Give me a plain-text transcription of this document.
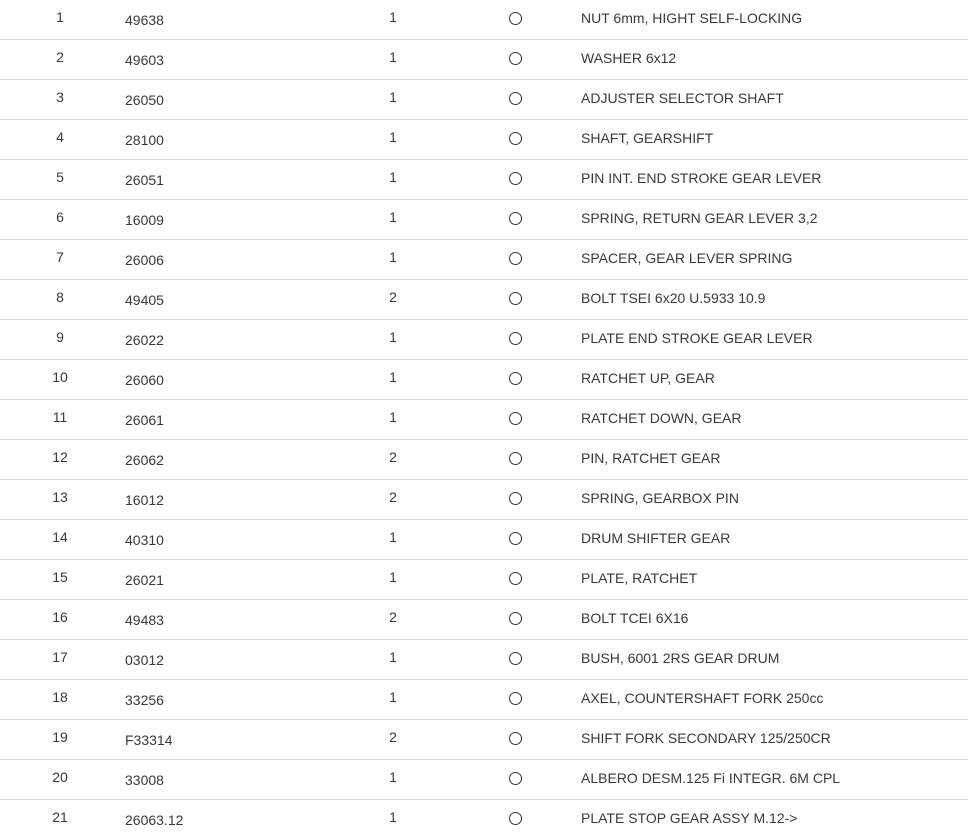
1	49638	1	NUT 6mm, HIGHT SELF-LOCKING
2	49603	1	WASHER 6x12
3	26050	1	ADJUSTER SELECTOR SHAFT
4	28100	1	SHAFT, GEARSHIFT
5	26051	1	PIN INT. END STROKE GEAR LEVER
6	16009	1	SPRING, RETURN GEAR LEVER 3,2
7	26006	1	SPACER, GEAR LEVER SPRING
8	49405	2	BOLT TSEI 6x20 U.5933 10.9
9	26022	1	PLATE END STROKE GEAR LEVER
10	26060	1	RATCHET UP, GEAR
11	26061	1	RATCHET DOWN, GEAR
12	26062	2	PIN, RATCHET GEAR
13	16012	2	SPRING, GEARBOX PIN
14	40310	1	DRUM SHIFTER GEAR
15	26021	1	PLATE, RATCHET
16	49483	2	BOLT TCEI 6X16
17	03012	1	BUSH, 6001 2RS GEAR DRUM
18	33256	1	AXEL, COUNTERSHAFT FORK 250cc
19	F33314	2	SHIFT FORK SECONDARY 125/250CR
20	33008	1	ALBERO DESM.125 Fi INTEGR. 6M CPL
21	26063.12	1	PLATE STOP GEAR ASSY M.12->
